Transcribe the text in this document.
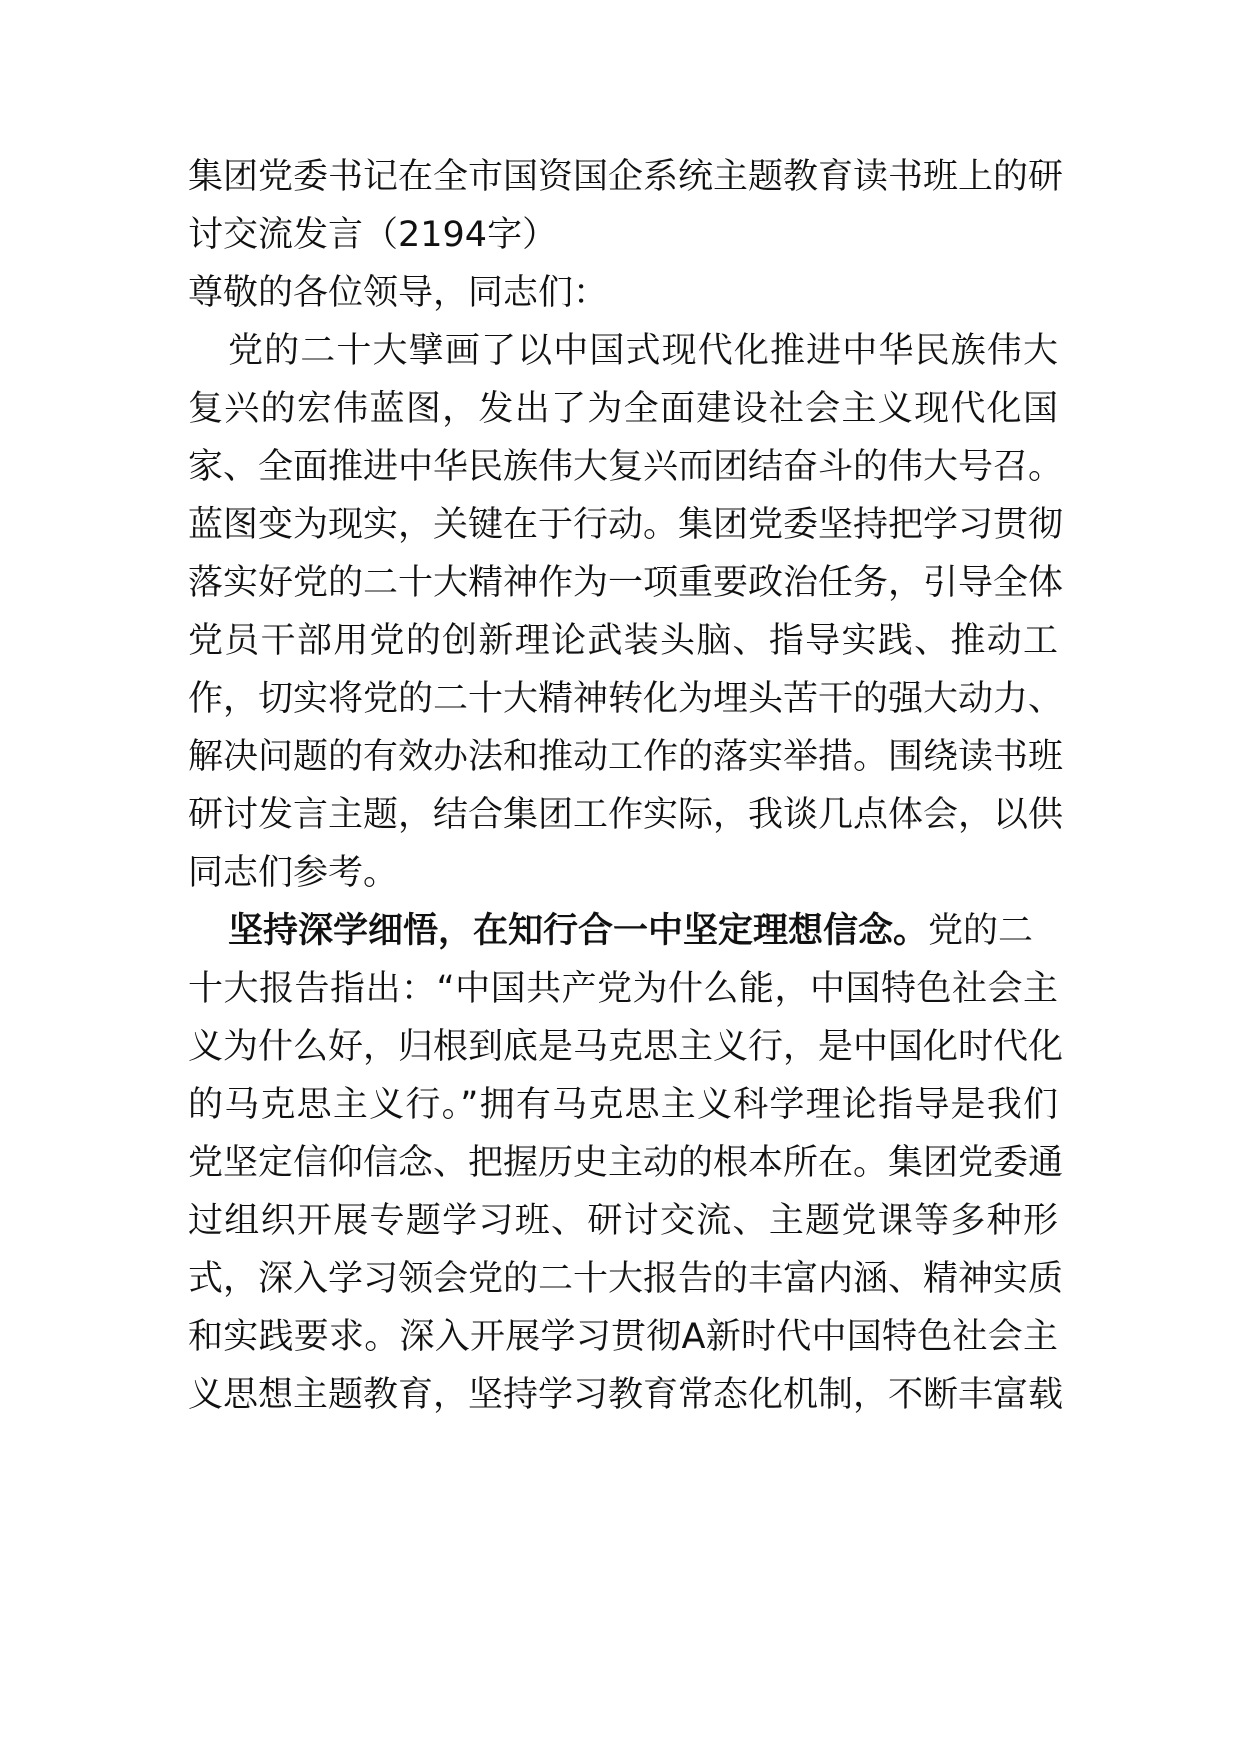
集团党委书记在全市国资国企系统主题教育读书班上的研
讨交流发言（2194字）
尊敬的各位领导，同志们：
党的二十大擘画了以中国式现代化推进中华民族伟大
复兴的宏伟蓝图，发出了为全面建设社会主义现代化国
家、全面推进中华民族伟大复兴而团结奋斗的伟大号召。
蓝图变为现实，关键在于行动。集团党委坚持把学习贯彻
落实好党的二十大精神作为一项重要政治任务，引导全体
党员干部用党的创新理论武装头脑、指导实践、推动工
作，切实将党的二十大精神转化为埋头苦干的强大动力、
解决问题的有效办法和推动工作的落实举措。围绕读书班
研讨发言主题，结合集团工作实际，我谈几点体会，以供
同志们参考。
坚持深学细悟，在知行合一中坚定理想信念。党的二
十大报告指出：“中国共产党为什么能，中国特色社会主
义为什么好，归根到底是马克思主义行，是中国化时代化
的马克思主义行。”拥有马克思主义科学理论指导是我们
党坚定信仰信念、把握历史主动的根本所在。集团党委通
过组织开展专题学习班、研讨交流、主题党课等多种形
式，深入学习领会党的二十大报告的丰富内涵、精神实质
和实践要求。深入开展学习贯彻A新时代中国特色社会主
义思想主题教育，坚持学习教育常态化机制，不断丰富载
